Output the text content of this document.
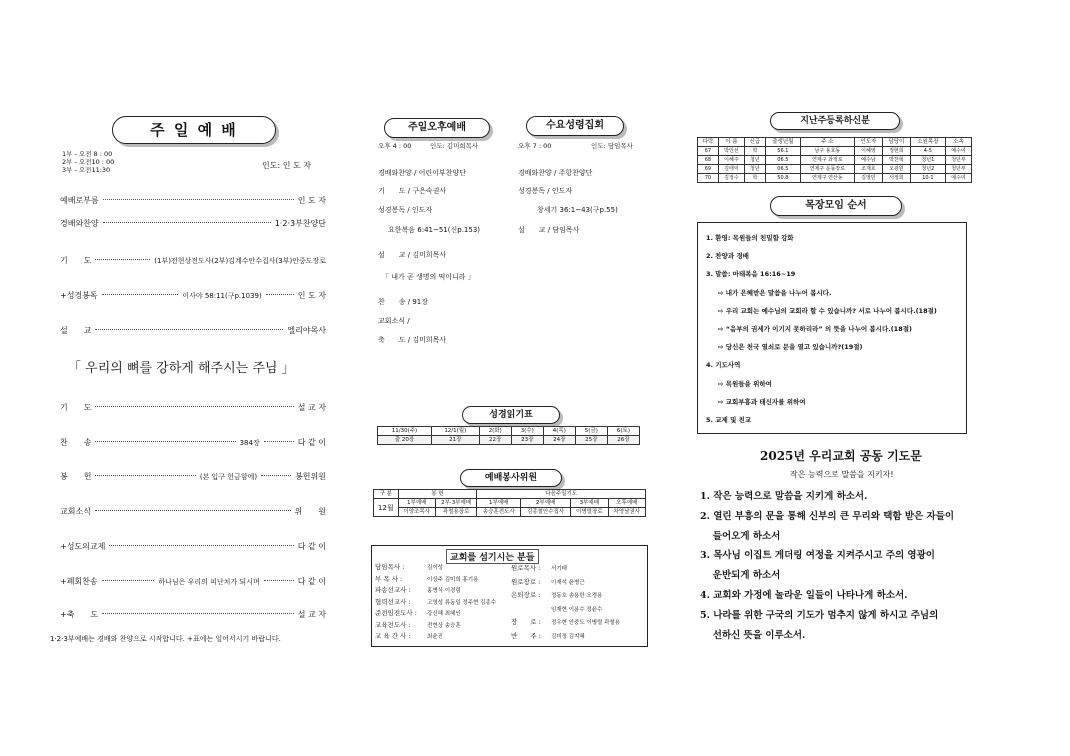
주 일 예 배
1부 - 오전 8 : 00
2부 - 오전10 : 00
3부 - 오전11:30	인도: 인 도 자
예배로부름	인 도 자
경배와찬양	1·2·3부찬양단
기　　도	(1부)전현상전도사(2부)김계수안수집사(3부)안중도장로
+성경봉독	이사야 58:11(구p.1039)	인 도 자
설　　교	엘리야목사
기　　도	설 교 자
찬　　송	384장	다 같 이
봉　　헌	(본 입구 헌금함에)	봉헌위원
교회소식	위　　원
+성도의교제	다 같 이
+폐회찬송	하나님은 우리의 피난처가 되시며	다 같 이
+축　　도	설 교 자
「 우리의 뼈를 강하게 해주시는 주님 」
1·2·3부예배는 경배와 찬양으로 시작합니다. +표에는 일어서시기 바랍니다.
주일오후예배
오후 4 : 00	인도: 김미희목사
경배와찬양 / 어린이부찬양단
기　　도 / 구은숙권사
성경봉독 / 인도자
요한복음 6:41~51(신p.153)
설　　교 / 김미희목사
「 내가 곧 생명의 떡이니라 」
찬　　송 / 91장
교회소식 /
축　　도 / 김미희목사
수요성령집회
오후 7 : 00	인도: 담임목사
경배와찬양 / 주항찬양단
성경봉독 / 인도자
창세기 36:1~43(구p.55)
설　　교 / 담임목사
성경읽기표
11/30(주)	12/1(월)	2(화)	3(수)	4(목)	5(금)	6(토)
출 20장	21장	22장	23장	24장	25장	26장
예배봉사위원
구 분	봉 헌		다음주일기도			
12월	1부예배	2부·3부예배	1부예배	2부예배	3부예배	오후예배
	이양조목사	곽철용장로	송승훈전도사	김종철안수집사	이병렬장로	차영남권사
교회를 섬기시는 분들
담임목사 :	김이성
부 목 사 :	이상주 김미희 홍기용
파송선교사 :	홍병식·이경림
협력선교사 :	고영성 류동일 정주현 김종수
준전임전도사 : 강신혜 최혜인
교육전도사 :	전현상 송승훈
교 육 간 사 :	최윤진
원로목사 : 서기태
원로장로 : 이재석 윤병근
은퇴장로 : 정동호 송용한 오경용
임재현 이용수 정윤수
장　　로 : 정우현 안중도 이병렬 곽철용
반　　주 : 김미정 김지혜
지난주등록하신분
다락	이 름	신급	출생년월	주 소	인도자	담당이	소원목장	소속
67	박인선	학	56.1	남구 용호동	이혜영	정현희	4-5	예수여
68	이혜주	청년	06.5	연제구 과정로	예수남	박찬혁	청년1	청년부
69	김태익	청년	06.5	연제구 운동장로	조재호	오광원	청년2	청년부
70	김정수	학	50.8	연제구 연산동	김영민	서정희	10-1	예수여
목장모임 순서
1. 환영: 목원들의 친밀함 강화
2. 찬양과 경배
3. 말씀: 마태복음 16:16~19
⇨ 내가 은혜받은 말씀을 나누어 봅시다.
⇨ 우리 교회는 예수님의 교회라 할 수 있습니까? 서로 나누어 봅시다.(18절)
⇨ “음부의 권세가 이기지 못하리라” 의 뜻을 나누어 봅시다.(18절)
⇨ 당신은 천국 열쇠로 문을 열고 있습니까?(19절)
4. 기도사역
⇨ 목원들을 위하여
⇨ 교회부흥과 태신자를 위하여
5. 교제 및 친교
2025년 우리교회 공동 기도문
작은 능력으로 말씀을 지키자!
1. 작은 능력으로 말씀을 지키게 하소서.
2. 열린 부흥의 문을 통해 신부의 큰 무리와 택함 받은 자들이
　 들어오게 하소서
3. 목사님 이집트 게더링 여정을 지켜주시고 주의 영광이
　 운반되게 하소서
4. 교회와 가정에 놀라운 일들이 나타나게 하소서.
5. 나라를 위한 구국의 기도가 멈추지 않게 하시고 주님의
　 선하신 뜻을 이루소서.
